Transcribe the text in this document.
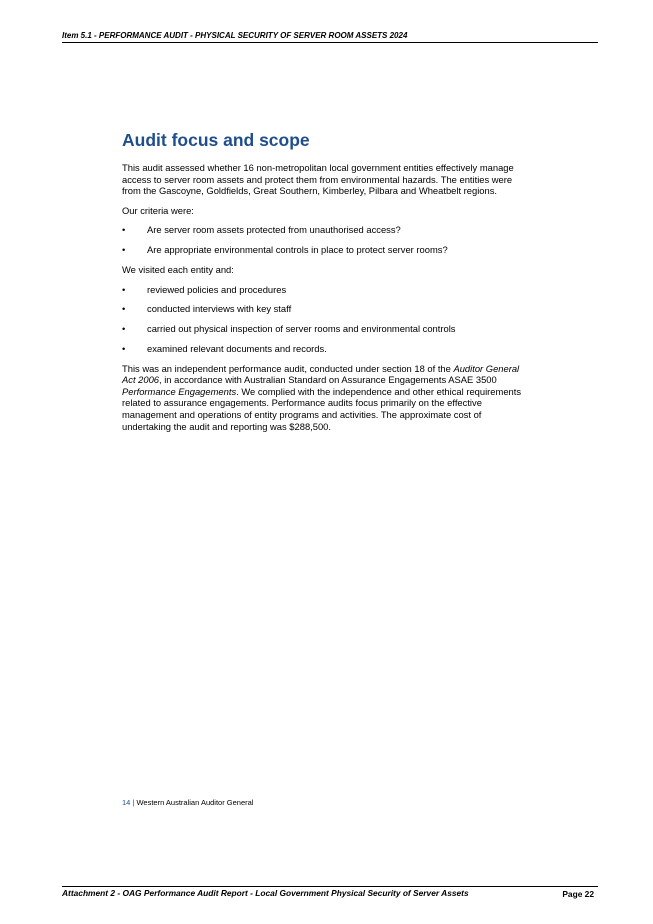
Item 5.1 - PERFORMANCE AUDIT - PHYSICAL SECURITY OF SERVER ROOM ASSETS 2024
Audit focus and scope

This audit assessed whether 16 non-metropolitan local government entities effectively manage access to server room assets and protect them from environmental hazards. The entities were from the Gascoyne, Goldfields, Great Southern, Kimberley, Pilbara and Wheatbelt regions.

Our criteria were:

• Are server room assets protected from unauthorised access?
• Are appropriate environmental controls in place to protect server rooms?

We visited each entity and:

• reviewed policies and procedures
• conducted interviews with key staff
• carried out physical inspection of server rooms and environmental controls
• examined relevant documents and records.

This was an independent performance audit, conducted under section 18 of the Auditor General Act 2006, in accordance with Australian Standard on Assurance Engagements ASAE 3500 Performance Engagements. We complied with the independence and other ethical requirements related to assurance engagements. Performance audits focus primarily on the effective management and operations of entity programs and activities. The approximate cost of undertaking the audit and reporting was $288,500.

14 | Western Australian Auditor General
Attachment 2 - OAG Performance Audit Report - Local Government Physical Security of Server Assets	Page 22
